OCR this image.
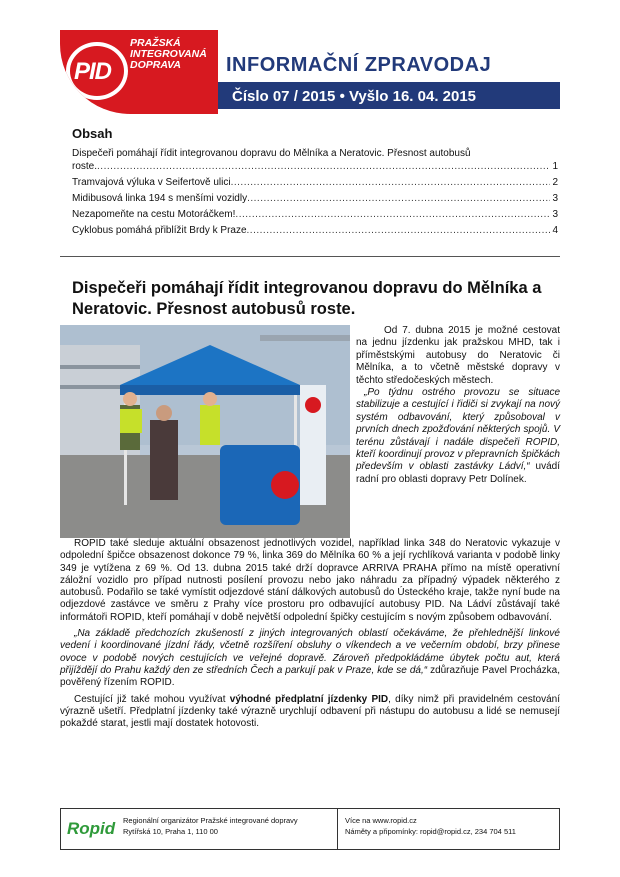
PID
PRAŽSKÁ
INTEGROVANÁ
DOPRAVA	INFORMAČNÍ ZPRAVODAJ
Číslo 07 / 2015 • Vyšlo 16. 04. 2015
Obsah
Dispečeři pomáhají řídit integrovanou dopravu do Mělníka a Neratovic. Přesnost autobusů
roste. .....	1
Tramvajová výluka v Seifertově ulici .....	2
Midibusová linka 194 s menšími vozidly .....	3
Nezapomeňte na cestu Motoráčkem! .....	3
Cyklobus pomáhá přiblížit Brdy k Praze .....	4
Dispečeři pomáhají řídit integrovanou dopravu do Mělníka a Neratovic. Přesnost autobusů roste.

Od 7. dubna 2015 je možné cestovat na jednu jízdenku jak pražskou MHD, tak i příměstskými autobusy do Neratovic či Mělníka, a to včetně městské dopravy v těchto středočeských městech.

„Po týdnu ostrého provozu se situace stabilizuje a cestující i řidiči si zvykají na nový systém odbavování, který způsoboval v prvních dnech zpožďování některých spojů. V terénu zůstávají i nadále dispečeři ROPID, kteří koordinují provoz v přepravních špičkách především v oblasti zastávky Ládví,“ uvádí radní pro oblasti dopravy Petr Dolínek.

ROPID také sleduje aktuální obsazenost jednotlivých vozidel, například linka 348 do Neratovic vykazuje v odpolední špičce obsazenost dokonce 79 %, linka 369 do Mělníka 60 % a její rychlíková varianta v podobě linky 349 je vytížena z 69 %. Od 13. dubna 2015 také drží dopravce ARRIVA PRAHA přímo na místě operativní záložní vozidlo pro případ nutnosti posílení provozu nebo jako náhradu za případný výpadek některého z autobusů. Podařilo se také vymístit odjezdové stání dálkových autobusů do Ústeckého kraje, takže nyní bude na odjezdové zastávce ve směru z Prahy více prostoru pro odbavující autobusy PID. Na Ládví zůstávají také informátoři ROPID, kteří pomáhají v době největší odpolední špičky cestujícím s novým způsobem odbavování.

„Na základě předchozích zkušeností z jiných integrovaných oblastí očekáváme, že přehlednější linkové vedení i koordinované jízdní řády, včetně rozšíření obsluhy o víkendech a ve večerním období, brzy přinese ovoce v podobě nových cestujících ve veřejné dopravě. Zároveň předpokládáme úbytek počtu aut, která přijíždějí do Prahu každý den ze středních Čech a parkují pak v Praze, kde se dá,“ zdůrazňuje Pavel Procházka, pověřený řízením ROPID.

Cestující již také mohou využívat výhodné předplatní jízdenky PID, díky nimž při pravidelném cestování výrazně ušetří. Předplatní jízdenky také výrazně urychlují odbavení při nástupu do autobusu a lidé se nemusejí pokaždé starat, jestli mají dostatek hotovosti.

Ropid Regionální organizátor Pražské integrované dopravy
Rytířská 10, Praha 1, 110 00
Více na www.ropid.cz
Náměty a připomínky: ropid@ropid.cz, 234 704 511
